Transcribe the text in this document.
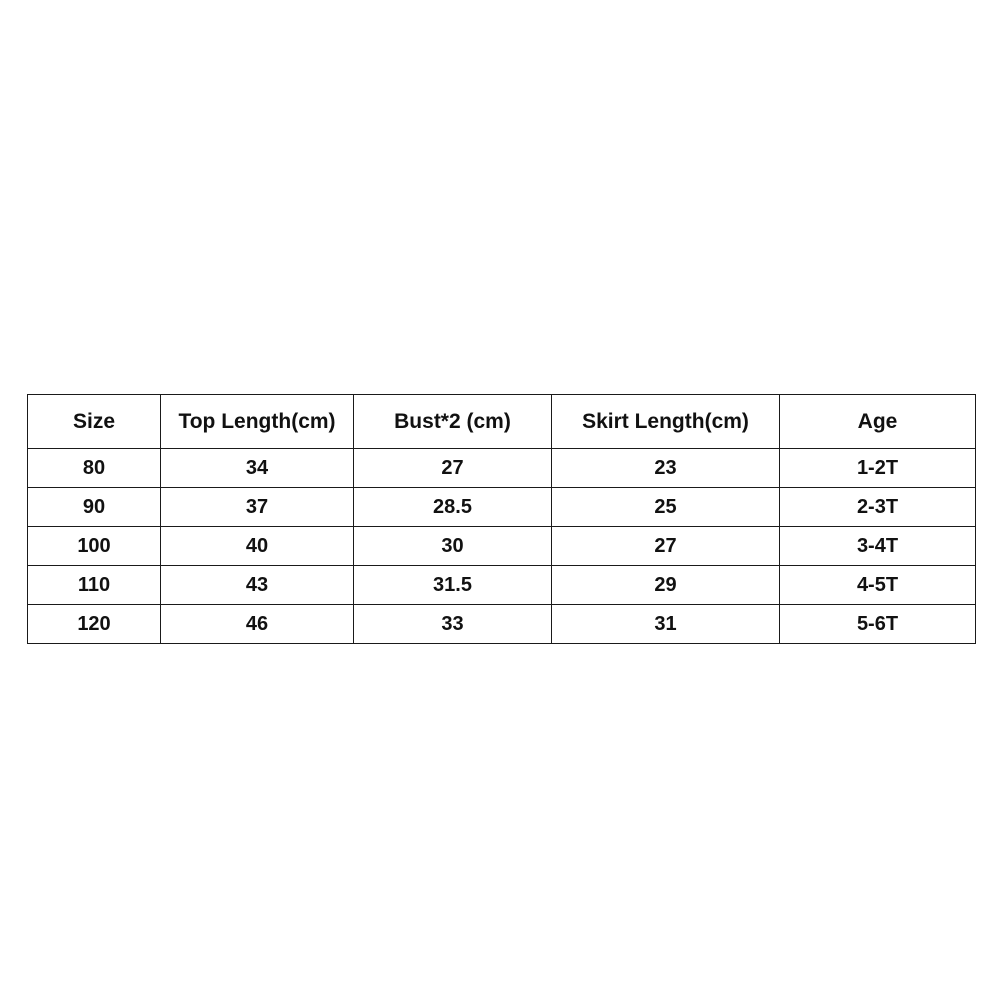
Size	Top Length(cm)	Bust*2 (cm)	Skirt Length(cm)	Age
80	34	27	23	1-2T
90	37	28.5	25	2-3T
100	40	30	27	3-4T
110	43	31.5	29	4-5T
120	46	33	31	5-6T
